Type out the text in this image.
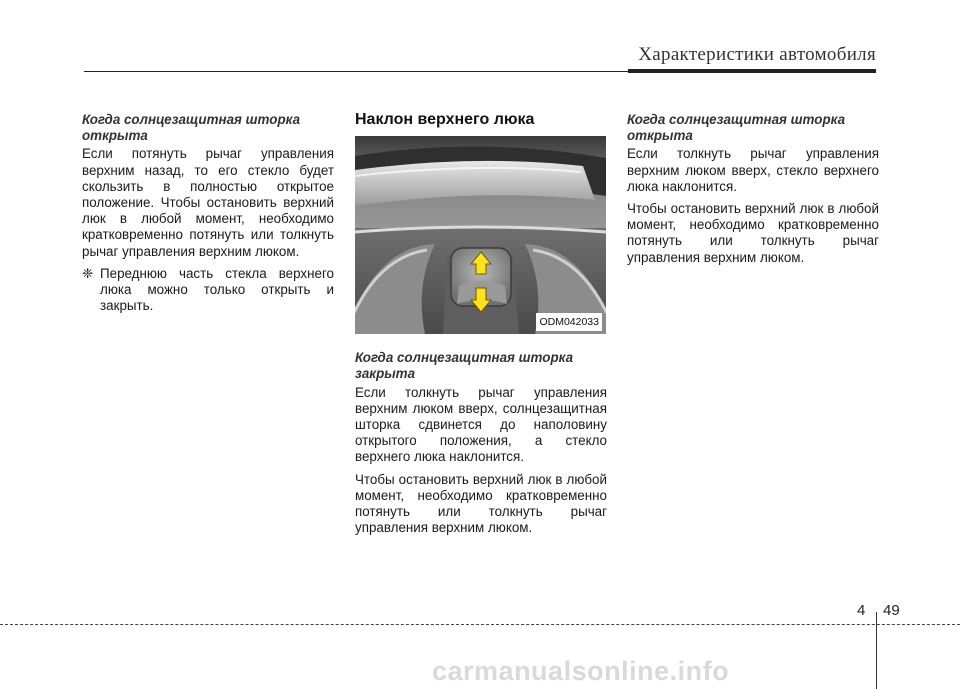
Характеристики автомобиля

Когда солнцезащитная шторка открыта

Если потянуть рычаг управления верхним назад, то его стекло будет скользить в полностью открытое положение. Чтобы остановить верхний люк в любой момент, необходимо кратковременно потянуть или толкнуть рычаг управления верхним люком.

❈ Переднюю часть стекла верхнего люка можно только открыть и закрыть.
Наклон верхнего люка
ODM042033

Когда солнцезащитная шторка закрыта

Если толкнуть рычаг управления верхним люком вверх, солнцезащитная шторка сдвинется до наполовину открытого положения, а стекло верхнего люка наклонится.

Чтобы остановить верхний люк в любой момент, необходимо кратковременно потянуть или толкнуть рычаг управления верхним люком.

Когда солнцезащитная шторка открыта

Если толкнуть рычаг управления верхним люком вверх, стекло верхнего люка наклонится.

Чтобы остановить верхний люк в любой момент, необходимо кратковременно потянуть или толкнуть рычаг управления верхним люком.

4 49
carmanualsonline.info
